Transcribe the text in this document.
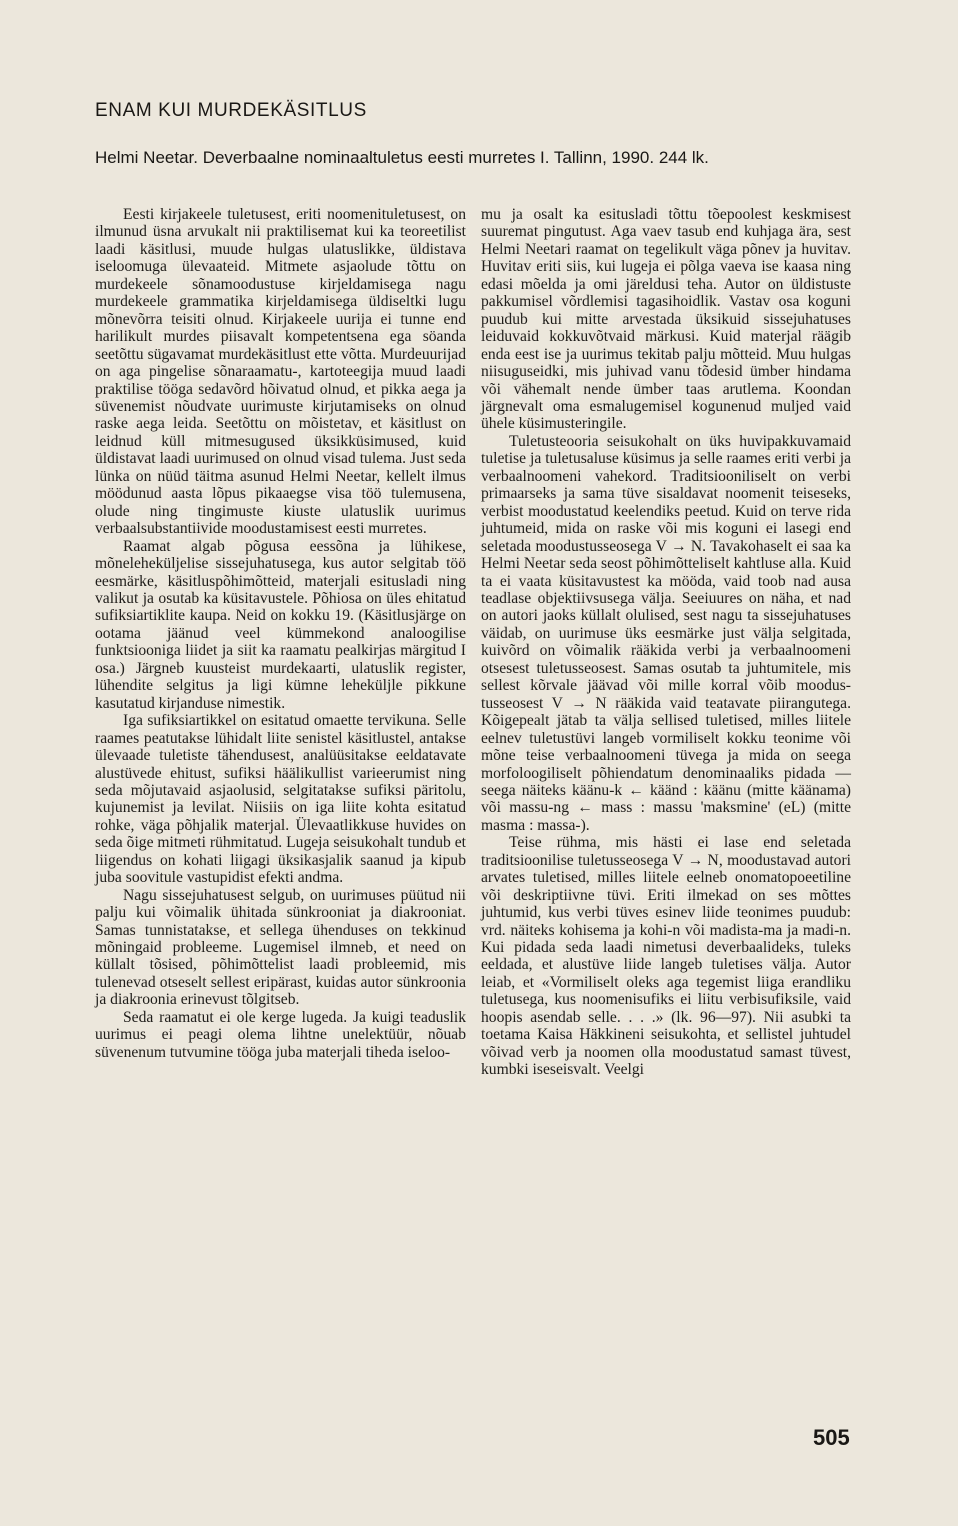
ENAM KUI MURDEKÄSITLUS
Helmi Neetar. Deverbaalne nominaaltuletus eesti murretes I. Tallinn, 1990. 244 lk.

Eesti kirjakeele tuletusest, eriti noomenituletusest, on ilmunud üsna arvukalt nii praktilisemat kui ka teoreetilist laadi käsitlusi, muude hulgas ulatuslikke, üldistava iseloomuga ülevaateid. Mitmete asjaolude tõttu on murdekeele sõnamoodustuse kirjeldamisega nagu murdekeele grammatika kirjeldamisega üldiseltki lugu mõnevõrra teisiti olnud. Kirjakeele uurija ei tunne end harilikult murdes piisavalt kompetentsena ega söanda seetõttu sügavamat murdekäsitlust ette võtta. Murdeuurijad on aga pingelise sõnaraamatu-, kartoteegija muud laadi praktilise tööga sedavõrd hõivatud olnud, et pikka aega ja süvenemist nõudvate uurimuste kirjutamiseks on olnud raske aega leida. Seetõttu on mõistetav, et käsitlust on leidnud küll mitmesugused üksikküsimused, kuid üldistavat laadi uurimused on olnud visad tulema. Just seda lünka on nüüd täitma asunud Helmi Neetar, kellelt ilmus möödunud aasta lõpus pikaaegse visa töö tulemusena, olude ning tingimuste kiuste ulatuslik uurimus verbaalsubstantiivide moodustamisest eesti murretes.

Raamat algab põgusa eessõna ja lühikese, mõneleheküljelise sissejuhatusega, kus autor selgitab töö eesmärke, käsitluspõhimõtteid, materjali esitusladi ning valikut ja osutab ka küsitavustele. Põhiosa on üles ehitatud sufiksiartiklite kaupa. Neid on kokku 19. (Käsitlusjärge on ootama jäänud veel kümmekond analoogilise funktsiooniga liidet ja siit ka raamatu pealkirjas märgitud I osa.) Järgneb kuusteist murdekaarti, ulatuslik register, lühendite selgitus ja ligi kümne leheküljle pikkune kasutatud kirjanduse nimestik.

Iga sufiksiartikkel on esitatud omaette tervikuna. Selle raames peatutakse lühidalt liite senistel käsitlustel, antakse ülevaade tuletiste tähendusest, analüüsitakse eeldatavate alustüvede ehitust, sufiksi häälikullist varieerumist ning seda mõjutavaid asjaolusid, selgitatakse sufiksi päritolu, kujunemist ja levilat. Niisiis on iga liite kohta esitatud rohke, väga põhjalik materjal. Ülevaatlikkuse huvides on seda õige mitmeti rühmitatud. Lugeja seisukohalt tundub et liigendus on kohati liigagi üksikasjalik saanud ja kipub juba soovitule vastupidist efekti andma.

Nagu sissejuhatusest selgub, on uurimuses püütud nii palju kui võimalik ühitada sünkrooniat ja diakrooniat. Samas tunnistatakse, et sellega ühenduses on tekkinud mõningaid probleeme. Lugemisel ilmneb, et need on küllalt tõsised, põhimõttelist laadi probleemid, mis tulenevad otseselt sellest eripärast, kuidas autor sünkroonia ja diakroonia erinevust tõlgitseb.

Seda raamatut ei ole kerge lugeda. Ja kuigi teaduslik uurimus ei peagi olema lihtne unelektüür, nõuab süvenenum tutvumine tööga juba materjali tiheda iseloo-

mu ja osalt ka esitusladi tõttu tõepoolest keskmisest suuremat pingutust. Aga vaev tasub end kuhjaga ära, sest Helmi Neetari raamat on tegelikult väga põnev ja huvitav. Huvitav eriti siis, kui lugeja ei põlga vaeva ise kaasa ning edasi mõelda ja omi järeldusi teha. Autor on üldistuste pakkumisel võrdlemisi tagasihoidlik. Vastav osa koguni puudub kui mitte arvestada üksikuid sissejuhatuses leiduvaid kokkuvõtvaid märkusi. Kuid materjal räägib enda eest ise ja uurimus tekitab palju mõtteid. Muu hulgas niisuguseidki, mis juhivad vanu tõdesid ümber hindama või vähemalt nende ümber taas arutlema. Koondan järgnevalt oma esmalugemisel kogunenud muljed vaid ühele küsimusteringile.

Tuletusteooria seisukohalt on üks huvipakkuvamaid tuletise ja tuletusaluse küsimus ja selle raames eriti verbi ja verbaalnoomeni vahekord. Traditsiooniliselt on verbi primaarseks ja sama tüve sisaldavat noomenit teiseseks, verbist moodustatud keelendiks peetud. Kuid on terve rida juhtumeid, mida on raske või mis koguni ei lasegi end seletada moodustusseosega V → N. Tavakohaselt ei saa ka Helmi Neetar seda seost põhimõtteliselt kahtluse alla. Kuid ta ei vaata küsitavustest ka mööda, vaid toob nad ausa teadlase objektiivsusega välja. Seeiuures on näha, et nad on autori jaoks küllalt olulised, sest nagu ta sissejuhatuses väidab, on uurimuse üks eesmärke just välja selgitada, kuivõrd on võimalik rääkida verbi ja verbaalnoomeni otsesest tuletusseosest. Samas osutab ta juhtumitele, mis sellest kõrvale jäävad või mille korral võib moodustusseosest V → N rääkida vaid teatavate piirangutega. Kõigepealt jätab ta välja sellised tuletised, milles liitele eelnev tuletustüvi langeb vormiliselt kokku teonime või mõne teise verbaalnoomeni tüvega ja mida on seega morfoloogiliselt põhiendatum denominaaliks pidada — seega näiteks käänu-k ← käänd : käänu (mitte käänama) või massu-ng ← mass : massu 'maksmine' (eL) (mitte masma : massa-).

Teise rühma, mis hästi ei lase end seletada traditsioonilise tuletusseosega V → N, moodustavad autori arvates tuletised, milles liitele eelneb onomatopoeetiline või deskriptiivne tüvi. Eriti ilmekad on ses mõttes juhtumid, kus verbi tüves esinev liide teonimes puudub: vrd. näiteks kohisema ja kohi-n või madista-ma ja madi-n. Kui pidada seda laadi nimetusi deverbaalideks, tuleks eeldada, et alustüve liide langeb tuletises välja. Autor leiab, et «Vormiliselt oleks aga tegemist liiga erandliku tuletusega, kus noomenisufiks ei liitu verbisufiksile, vaid hoopis asendab selle. . . .» (lk. 96—97). Nii asubki ta toetama Kaisa Häkkineni seisukohta, et sellistel juhtudel võivad verb ja noomen olla moodustatud samast tüvest, kumbki iseseisvalt. Veelgi

505
